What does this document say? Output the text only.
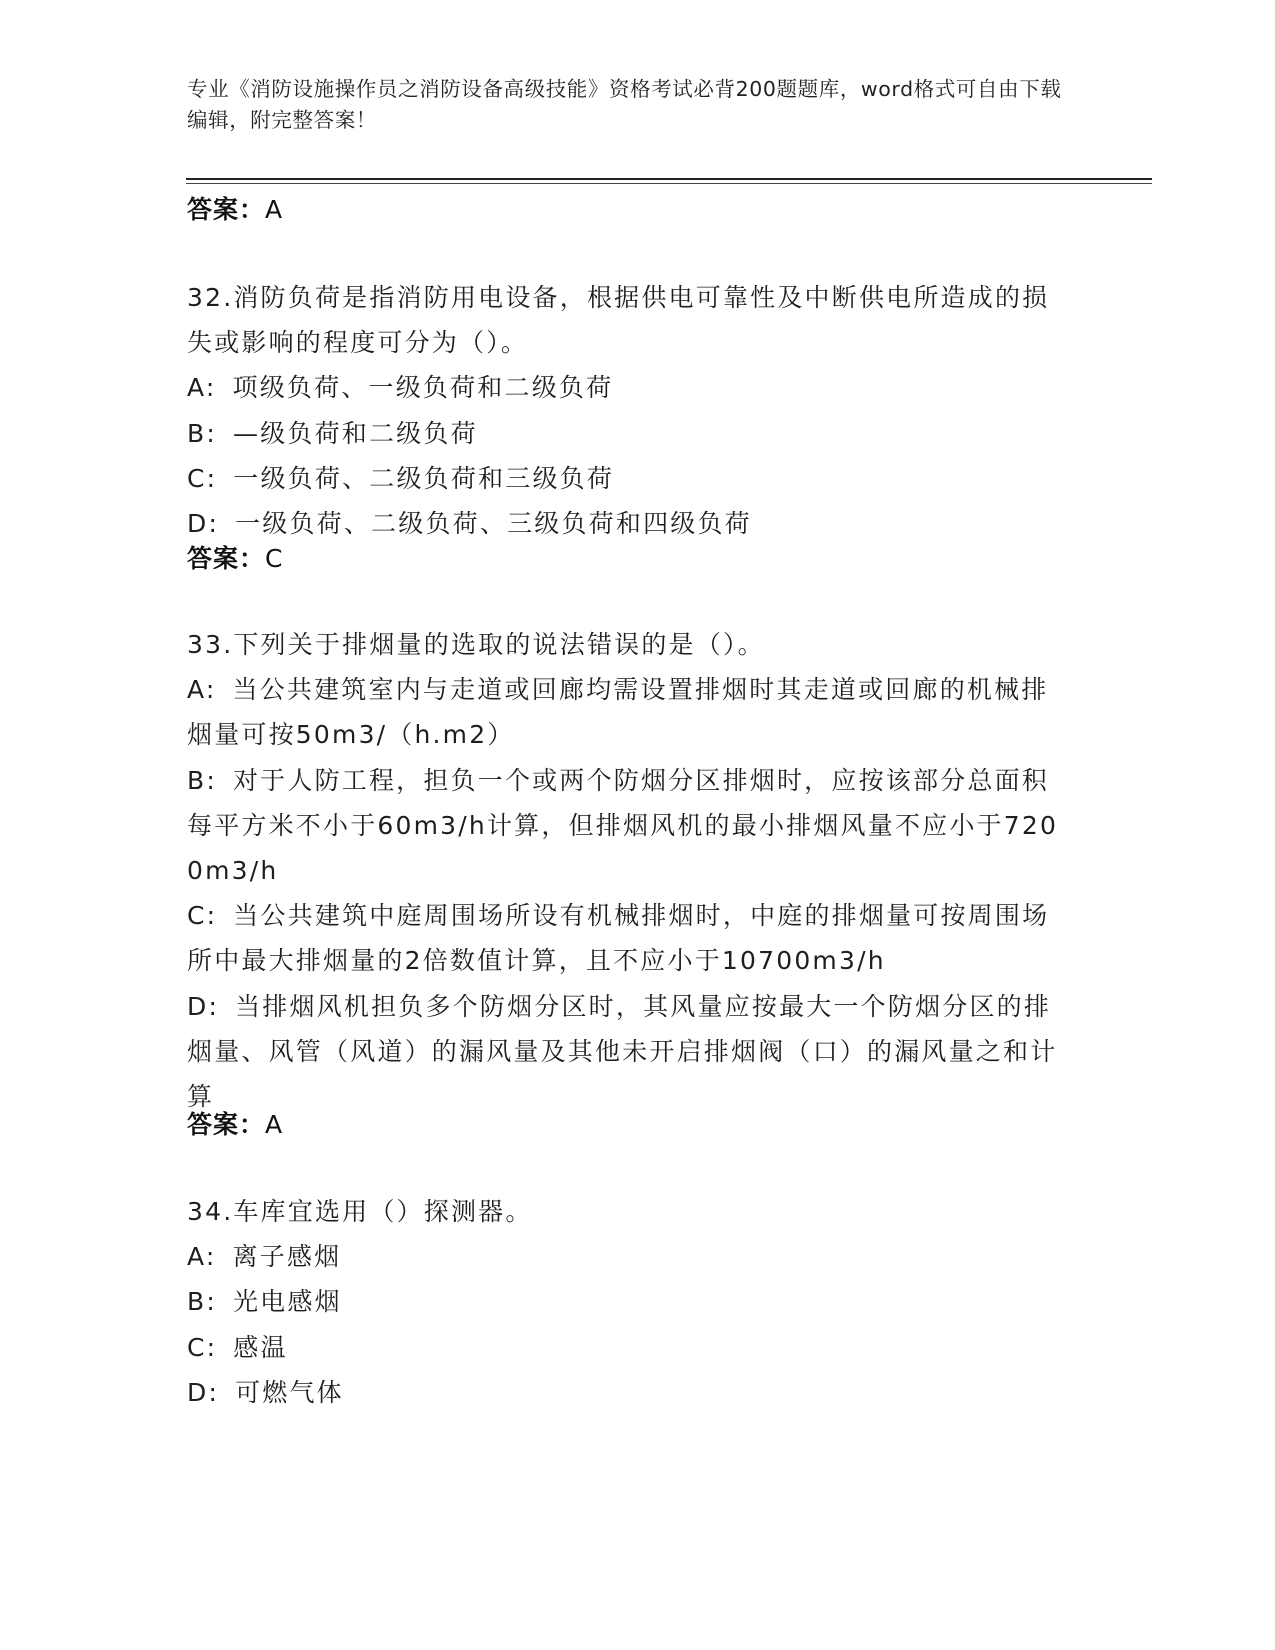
专业《消防设施操作员之消防设备高级技能》资格考试必背200题题库，word格式可自由下载编辑，附完整答案！
答案：A
32.消防负荷是指消防用电设备，根据供电可靠性及中断供电所造成的损失或影响的程度可分为（）。
A: 项级负荷、一级负荷和二级负荷
B: —级负荷和二级负荷
C: 一级负荷、二级负荷和三级负荷
D: 一级负荷、二级负荷、三级负荷和四级负荷
答案：C
33.下列关于排烟量的选取的说法错误的是（）。
A: 当公共建筑室内与走道或回廊均需设置排烟时其走道或回廊的机械排烟量可按50m3/（h.m2）
B: 对于人防工程，担负一个或两个防烟分区排烟时，应按该部分总面积每平方米不小于60m3/h计算，但排烟风机的最小排烟风量不应小于7200m3/h
C: 当公共建筑中庭周围场所设有机械排烟时，中庭的排烟量可按周围场所中最大排烟量的2倍数值计算，且不应小于10700m3/h
D: 当排烟风机担负多个防烟分区时，其风量应按最大一个防烟分区的排烟量、风管（风道）的漏风量及其他未开启排烟阀（口）的漏风量之和计算
答案：A
34.车库宜选用（）探测器。
A: 离子感烟
B: 光电感烟
C: 感温
D: 可燃气体
